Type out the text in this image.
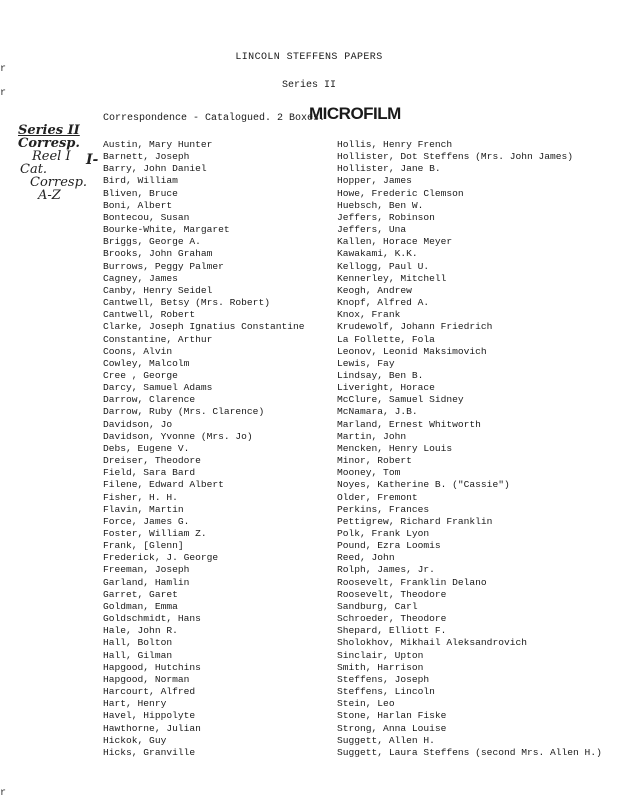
LINCOLN STEFFENS PAPERS
Series II
Correspondence - Catalogued. 2 Boxes.
MICROFILM
Series II
Corresp.
Reel I
Cat.
Corresp.
A-Z
I-
r
r
r
Austin, Mary Hunter
Barnett, Joseph
Barry, John Daniel
Bird, William
Bliven, Bruce
Boni, Albert
Bontecou, Susan
Bourke-White, Margaret
Briggs, George A.
Brooks, John Graham
Burrows, Peggy Palmer
Cagney, James
Canby, Henry Seidel
Cantwell, Betsy (Mrs. Robert)
Cantwell, Robert
Clarke, Joseph Ignatius Constantine
Constantine, Arthur
Coons, Alvin
Cowley, Malcolm
Cree , George
Darcy, Samuel Adams
Darrow, Clarence
Darrow, Ruby (Mrs. Clarence)
Davidson, Jo
Davidson, Yvonne (Mrs. Jo)
Debs, Eugene V.
Dreiser, Theodore
Field, Sara Bard
Filene, Edward Albert
Fisher, H. H.
Flavin, Martin
Force, James G.
Foster, William Z.
Frank, [Glenn]
Frederick, J. George
Freeman, Joseph
Garland, Hamlin
Garret, Garet
Goldman, Emma
Goldschmidt, Hans
Hale, John R.
Hall, Bolton
Hall, Gilman
Hapgood, Hutchins
Hapgood, Norman
Harcourt, Alfred
Hart, Henry
Havel, Hippolyte
Hawthorne, Julian
Hickok, Guy
Hicks, Granville
Hollis, Henry French
Hollister, Dot Steffens (Mrs. John James)
Hollister, Jane B.
Hopper, James
Howe, Frederic Clemson
Huebsch, Ben W.
Jeffers, Robinson
Jeffers, Una
Kallen, Horace Meyer
Kawakami, K.K.
Kellogg, Paul U.
Kennerley, Mitchell
Keogh, Andrew
Knopf, Alfred A.
Knox, Frank
Krudewolf, Johann Friedrich
La Follette, Fola
Leonov, Leonid Maksimovich
Lewis, Fay
Lindsay, Ben B.
Liveright, Horace
McClure, Samuel Sidney
McNamara, J.B.
Marland, Ernest Whitworth
Martin, John
Mencken, Henry Louis
Minor, Robert
Mooney, Tom
Noyes, Katherine B. ("Cassie")
Older, Fremont
Perkins, Frances
Pettigrew, Richard Franklin
Polk, Frank Lyon
Pound, Ezra Loomis
Reed, John
Rolph, James, Jr.
Roosevelt, Franklin Delano
Roosevelt, Theodore
Sandburg, Carl
Schroeder, Theodore
Shepard, Elliott F.
Sholokhov, Mikhail Aleksandrovich
Sinclair, Upton
Smith, Harrison
Steffens, Joseph
Steffens, Lincoln
Stein, Leo
Stone, Harlan Fiske
Strong, Anna Louise
Suggett, Allen H.
Suggett, Laura Steffens (second Mrs. Allen H.)
